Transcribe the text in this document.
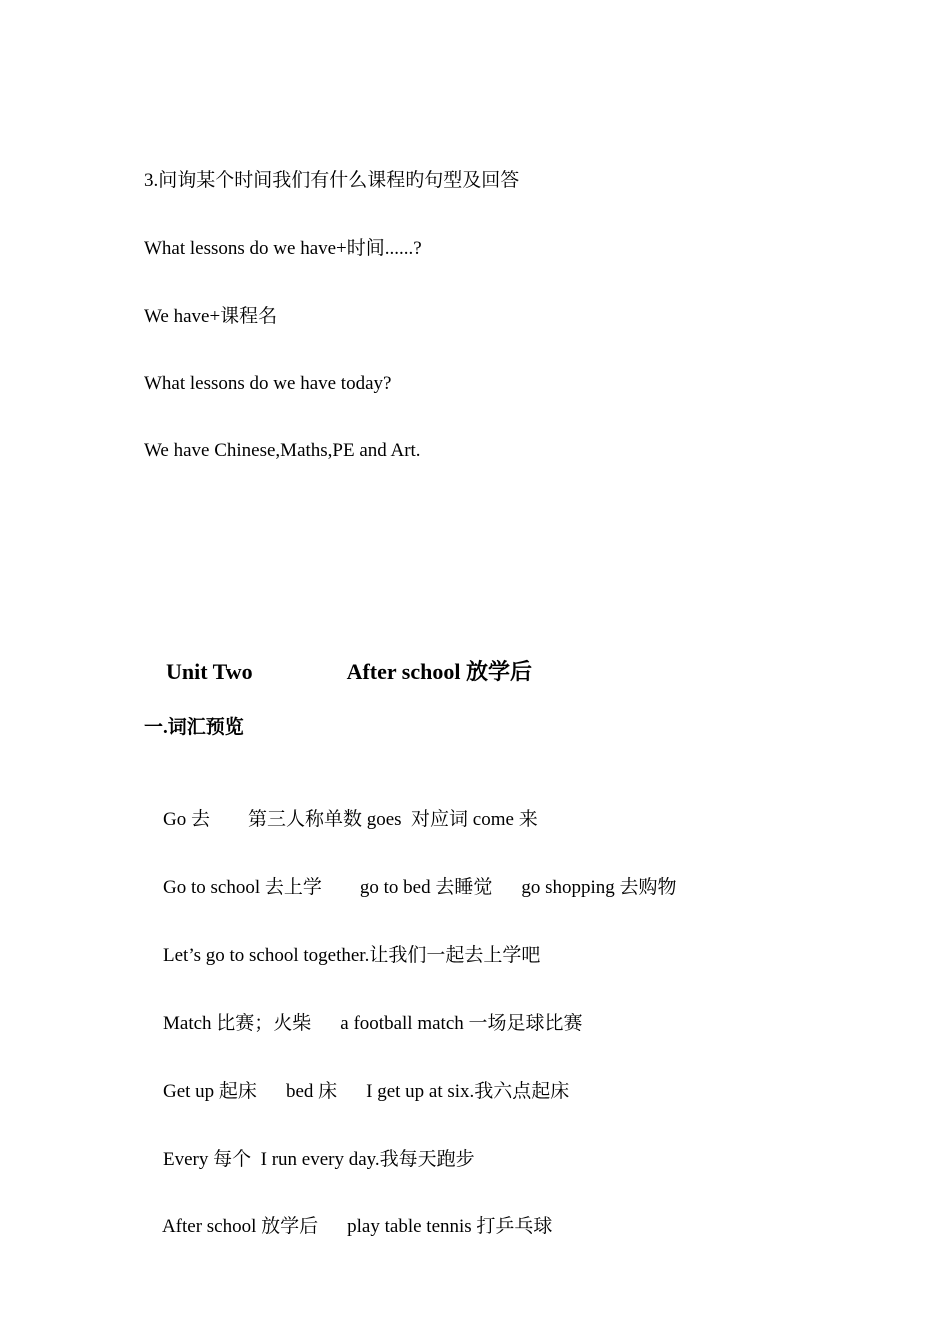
3.问询某个时间我们有什么课程旳句型及回答
What lessons do we have+时间......?
We have+课程名
What lessons do we have today?
We have Chinese,Maths,PE and Art.

Unit Two	After school 放学后

一.词汇预览

Go 去 第三人称单数 goes  对应词 come 来

Go to school 去上学 go to bed 去睡觉 go shopping 去购物

Let’s go to school together.让我们一起去上学吧

Match 比赛；火柴 a football match 一场足球比赛

Get up 起床 bed 床 I get up at six.我六点起床

Every 每个  I run every day.我每天跑步

After school 放学后 play table tennis 打乒乓球
